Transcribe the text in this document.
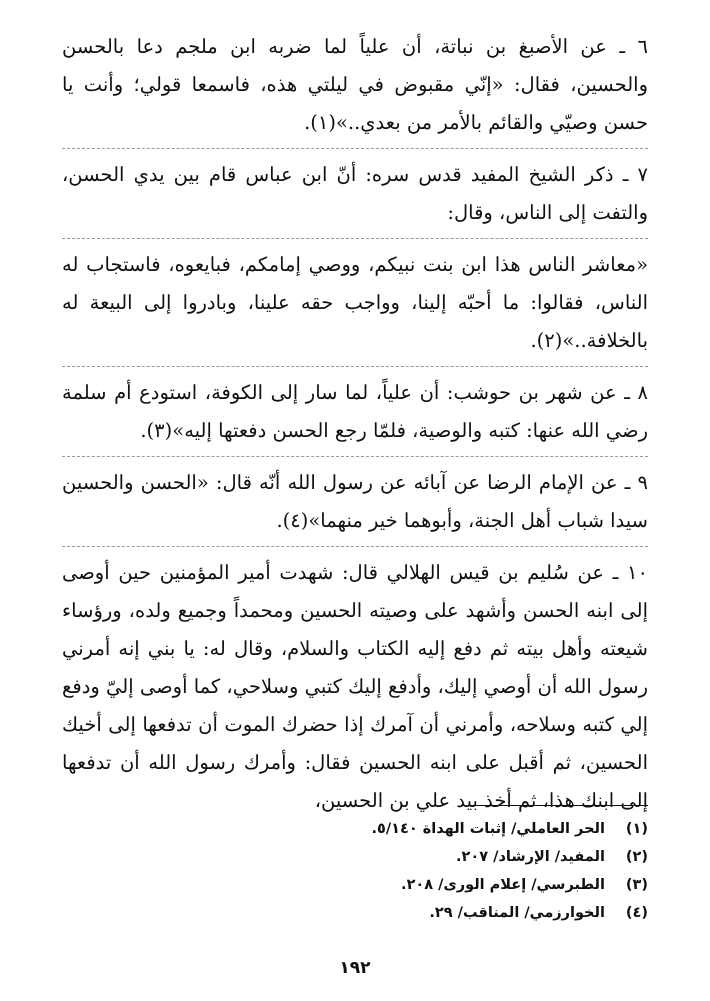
٦ ـ عن الأصبغ بن نباتة، أن علياً لما ضربه ابن ملجم دعا بالحسن والحسين، فقال: «إنّي مقبوض في ليلتي هذه، فاسمعا قولي؛ وأنت يا حسن وصيّي والقائم بالأمر من بعدي..»(١).

٧ ـ ذكر الشيخ المفيد قدس سره: أنّ ابن عباس قام بين يدي الحسن، والتفت إلى الناس، وقال:

«معاشر الناس هذا ابن بنت نبيكم، ووصي إمامكم، فبايعوه، فاستجاب له الناس، فقالوا: ما أحبّه إلينا، وواجب حقه علينا، وبادروا إلى البيعة له بالخلافة..»(٢).

٨ ـ عن شهر بن حوشب: أن علياً، لما سار إلى الكوفة، استودع أم سلمة رضي الله عنها: كتبه والوصية، فلمّا رجع الحسن دفعتها إليه»(٣).

٩ ـ عن الإمام الرضا عن آبائه عن رسول الله أنّه قال: «الحسن والحسين سيدا شباب أهل الجنة، وأبوهما خير منهما»(٤).

١٠ ـ عن سُليم بن قيس الهلالي قال: شهدت أمير المؤمنين حين أوصى إلى ابنه الحسن وأشهد على وصيته الحسين ومحمداً وجميع ولده، ورؤساء شيعته وأهل بيته ثم دفع إليه الكتاب والسلام، وقال له: يا بني إنه أمرني رسول الله أن أوصي إليك، وأدفع إليك كتبي وسلاحي، كما أوصى إليّ ودفع إلي كتبه وسلاحه، وأمرني أن آمرك إذا حضرك الموت أن تدفعها إلى أخيك الحسين، ثم أقبل على ابنه الحسين فقال: وأمرك رسول الله أن تدفعها إلى ابنك هذا، ثم أخذ بيد علي بن الحسين،

(١) الحر العاملي/ إثبات الهداة ٥/١٤٠.
(٢) المفيد/ الإرشاد/ ٢٠٧.
(٣) الطبرسي/ إعلام الورى/ ٢٠٨.
(٤) الخوارزمي/ المناقب/ ٢٩.
١٩٢
